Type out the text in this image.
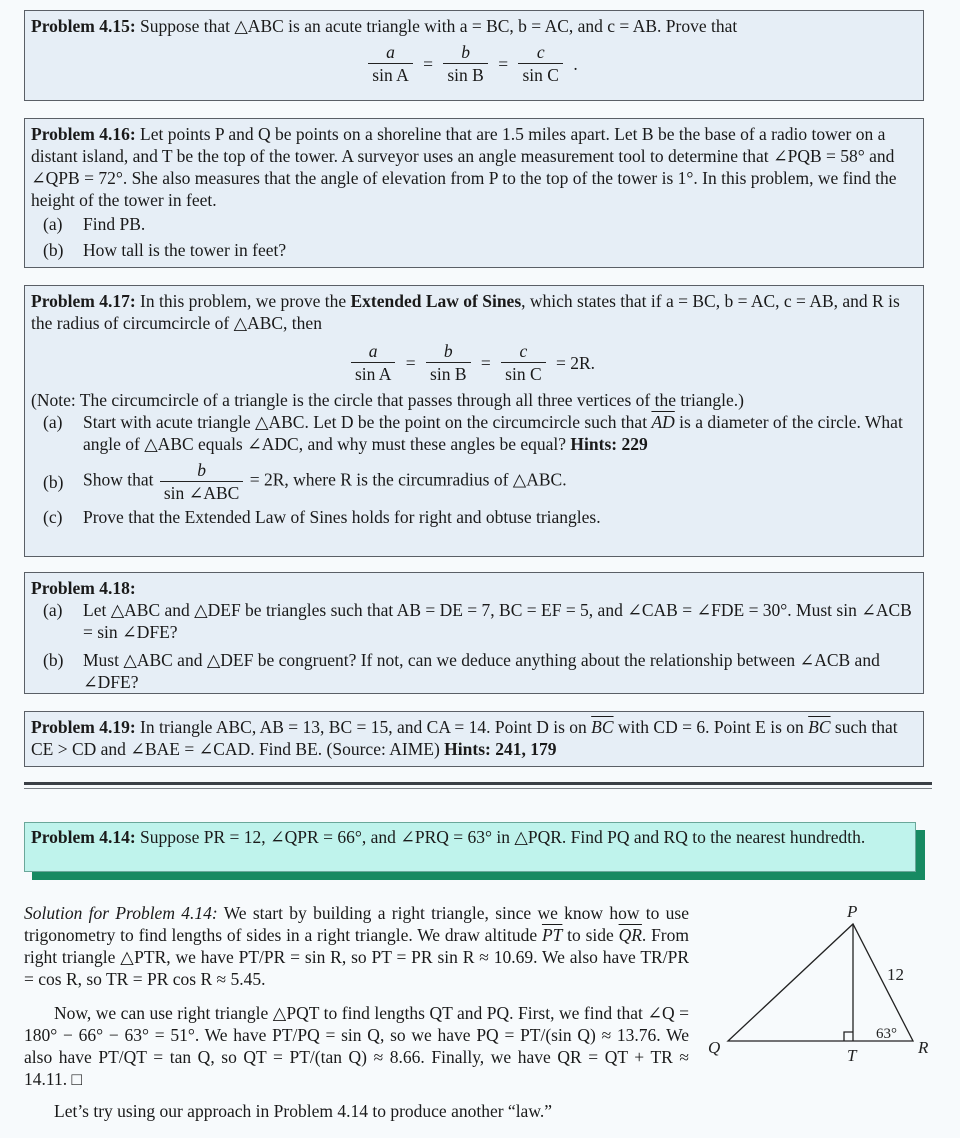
Problem 4.15: Suppose that △ABC is an acute triangle with a = BC, b = AC, and c = AB. Prove that
$\frac{a}{\text{sin A}} = \frac{b}{\text{sin B}} = \frac{c}{\text{sin C}}$ .
Problem 4.16: Let points P and Q be points on a shoreline that are 1.5 miles apart. Let B be the base of a radio tower on a distant island, and T be the top of the tower. A surveyor uses an angle measurement tool to determine that ∠PQB = 58° and ∠QPB = 72°. She also measures that the angle of elevation from P to the top of the tower is 1°. In this problem, we find the height of the tower in feet.
(a)	Find PB.
(b)	How tall is the tower in feet?
Problem 4.17: In this problem, we prove the Extended Law of Sines, which states that if a = BC, b = AC, c = AB, and R is the radius of circumcircle of △ABC, then
$\frac{a}{\text{sin A}} = \frac{b}{\text{sin B}} = \frac{c}{\text{sin C}} = 2R$.
(Note: The circumcircle of a triangle is the circle that passes through all three vertices of the triangle.)
(a)	Start with acute triangle △ABC. Let D be the point on the circumcircle such that $\overline{AD}$ is a diameter of the circle. What angle of △ABC equals ∠ADC, and why must these angles be equal? Hints: 229
(b)	Show that $\frac{b}{\text{sin ∠ABC}} = 2R$, where R is the circumradius of △ABC.
(c)	Prove that the Extended Law of Sines holds for right and obtuse triangles.
Problem 4.18:
(a)	Let △ABC and △DEF be triangles such that AB = DE = 7, BC = EF = 5, and ∠CAB = ∠FDE = 30°. Must sin ∠ACB = sin ∠DFE?
(b)	Must △ABC and △DEF be congruent? If not, can we deduce anything about the relationship between ∠ACB and ∠DFE?
Problem 4.19: In triangle ABC, AB = 13, BC = 15, and CA = 14. Point D is on $\overline{BC}$ with CD = 6. Point E is on $\overline{BC}$ such that CE > CD and ∠BAE = ∠CAD. Find BE. (Source: AIME) Hints: 241, 179
Problem 4.14: Suppose PR = 12, ∠QPR = 66°, and ∠PRQ = 63° in △PQR. Find PQ and RQ to the nearest hundredth.
Solution for Problem 4.14: We start by building a right triangle, since we know how to use trigonometry to find lengths of sides in a right triangle. We draw altitude $\overline{PT}$ to side $\overline{QR}$. From right triangle △PTR, we have PT/PR = sin R, so PT = PR sin R ≈ 10.69. We also have TR/PR = cos R, so TR = PR cos R ≈ 5.45.
Now, we can use right triangle △PQT to find lengths QT and PQ. First, we find that ∠Q = 180° − 66° − 63° = 51°. We have PT/PQ = sin Q, so we have PQ = PT/(sin Q) ≈ 13.76. We also have PT/QT = tan Q, so QT = PT/(tan Q) ≈ 8.66. Finally, we have QR = QT + TR ≈ 14.11. □
Let’s try using our approach in Problem 4.14 to produce another “law.”
P
Q	R
T
12
63°
